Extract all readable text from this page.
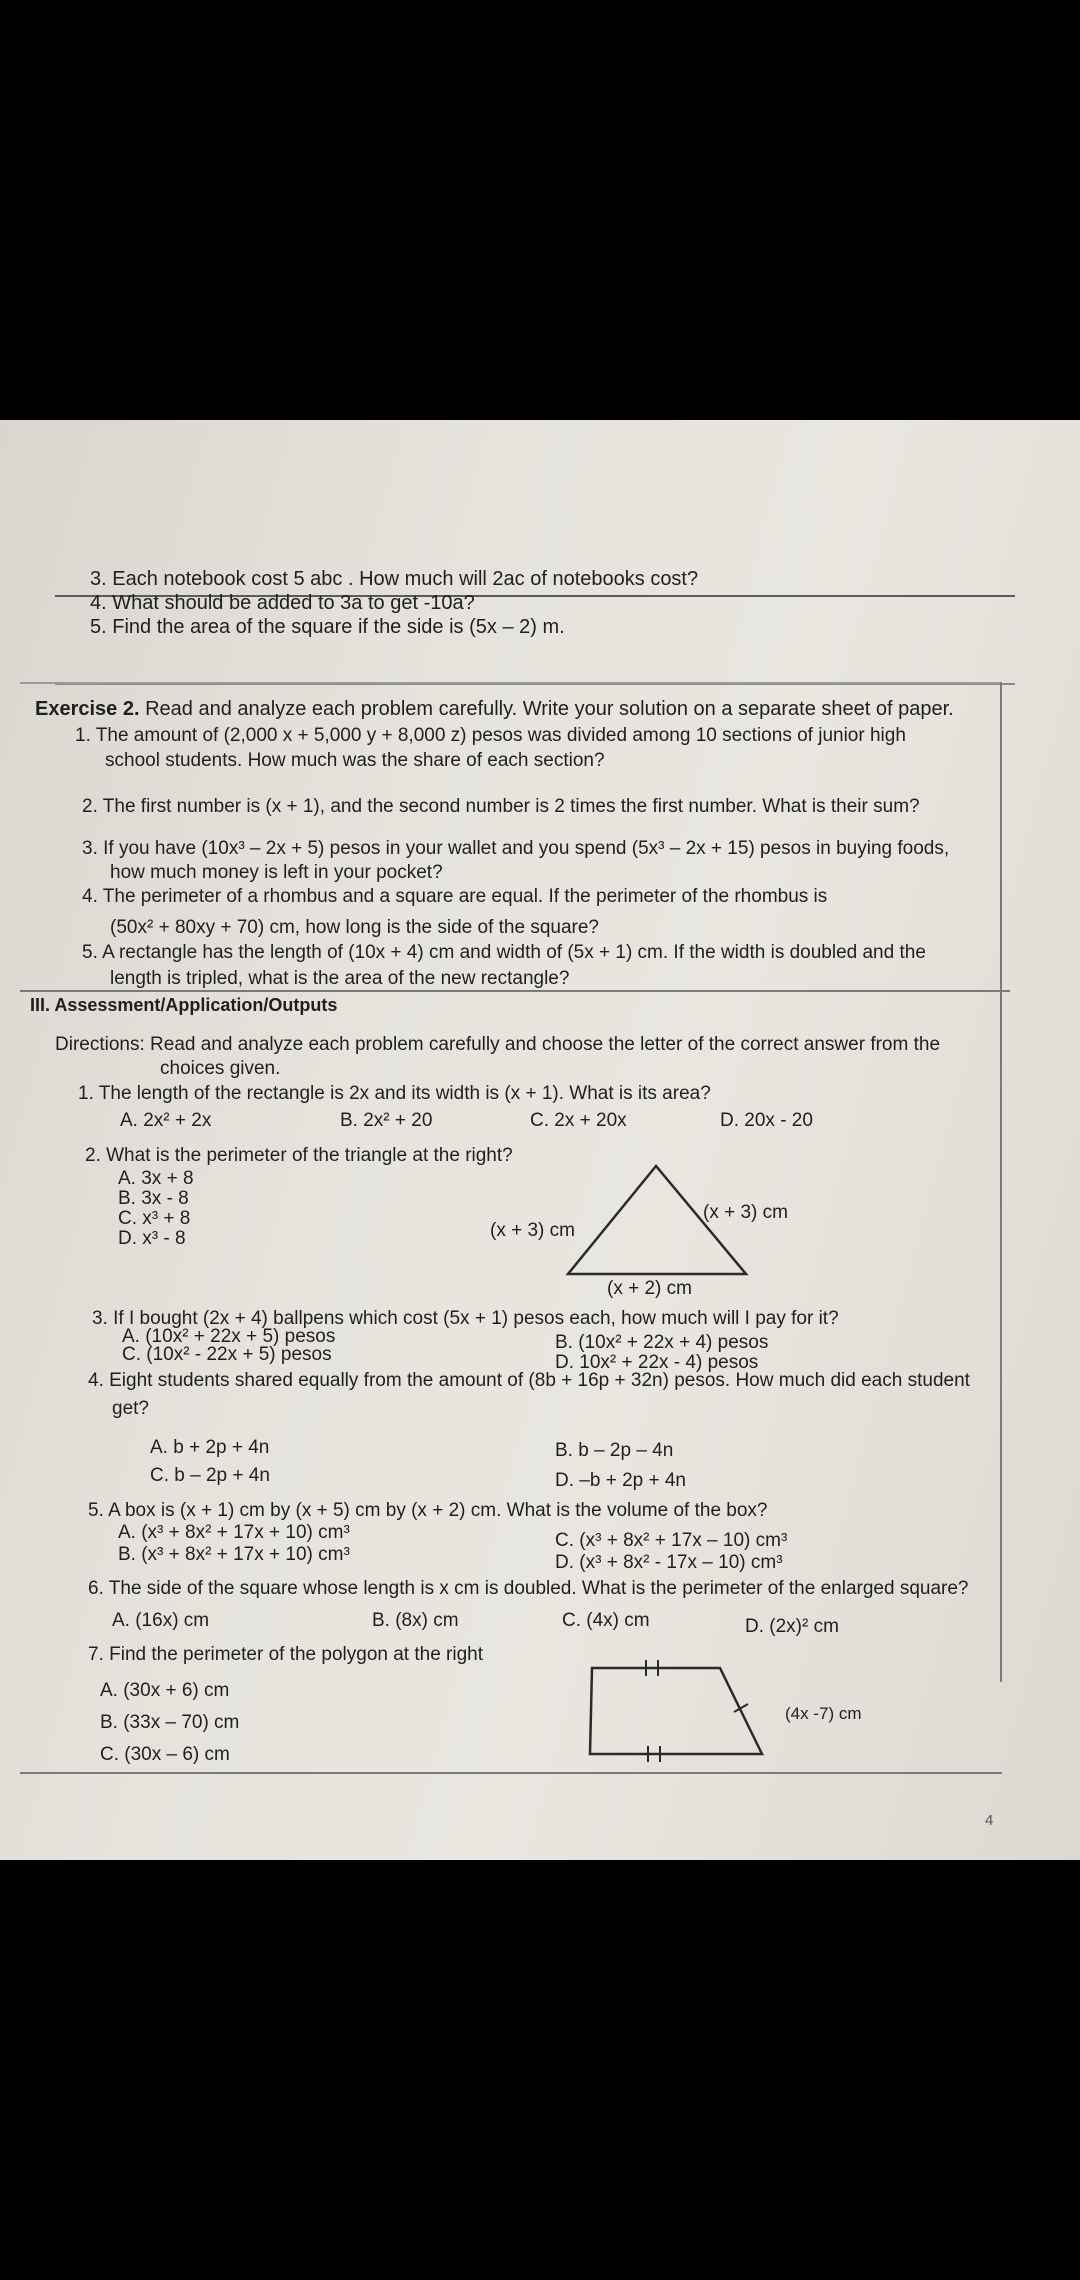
3. Each notebook cost 5 abc . How much will 2ac of notebooks cost?
4. What should be added to 3a to get -10a?
5. Find the area of the square if the side is (5x – 2) m.
Exercise 2. Read and analyze each problem carefully. Write your solution on a separate sheet of paper.
1. The amount of (2,000 x + 5,000 y + 8,000 z) pesos was divided among 10 sections of junior high
school students. How much was the share of each section?
2. The first number is (x + 1), and the second number is 2 times the first number. What is their sum?
3. If you have (10x³ – 2x + 5) pesos in your wallet and you spend (5x³ – 2x + 15) pesos in buying foods,
how much money is left in your pocket?
4. The perimeter of a rhombus and a square are equal. If the perimeter of the rhombus is
(50x² + 80xy + 70) cm, how long is the side of the square?
5. A rectangle has the length of (10x + 4) cm and width of (5x + 1) cm. If the width is doubled and the
length is tripled, what is the area of the new rectangle?
III. Assessment/Application/Outputs
Directions: Read and analyze each problem carefully and choose the letter of the correct answer from the
choices given.
1. The length of the rectangle is 2x and its width is (x + 1). What is its area?
A. 2x² + 2x	B. 2x² + 20	C. 2x + 20x	D. 20x - 20
2. What is the perimeter of the triangle at the right?
A. 3x + 8
B. 3x - 8
C. x³ + 8
D. x³ - 8	(x + 3) cm
(x + 3) cm
(x + 2) cm
3. If I bought (2x + 4) ballpens which cost (5x + 1) pesos each, how much will I pay for it?
A. (10x² + 22x + 5) pesos	B. (10x² + 22x + 4) pesos
C. (10x² - 22x + 5) pesos	D. 10x² + 22x - 4) pesos
4. Eight students shared equally from the amount of (8b + 16p + 32n) pesos. How much did each student
get?
A. b + 2p + 4n	B. b – 2p – 4n
C. b – 2p + 4n	D. –b + 2p + 4n
5. A box is (x + 1) cm by (x + 5) cm by (x + 2) cm. What is the volume of the box?
A. (x³ + 8x² + 17x + 10) cm³	C. (x³ + 8x² + 17x – 10) cm³
B. (x³ + 8x² + 17x + 10) cm³	D. (x³ + 8x² - 17x – 10) cm³
6. The side of the square whose length is x cm is doubled. What is the perimeter of the enlarged square?
A. (16x) cm	B. (8x) cm	C. (4x) cm	D. (2x)² cm
7. Find the perimeter of the polygon at the right
A. (30x + 6) cm
B. (33x – 70) cm
C. (30x – 6) cm
(4x -7) cm
4
